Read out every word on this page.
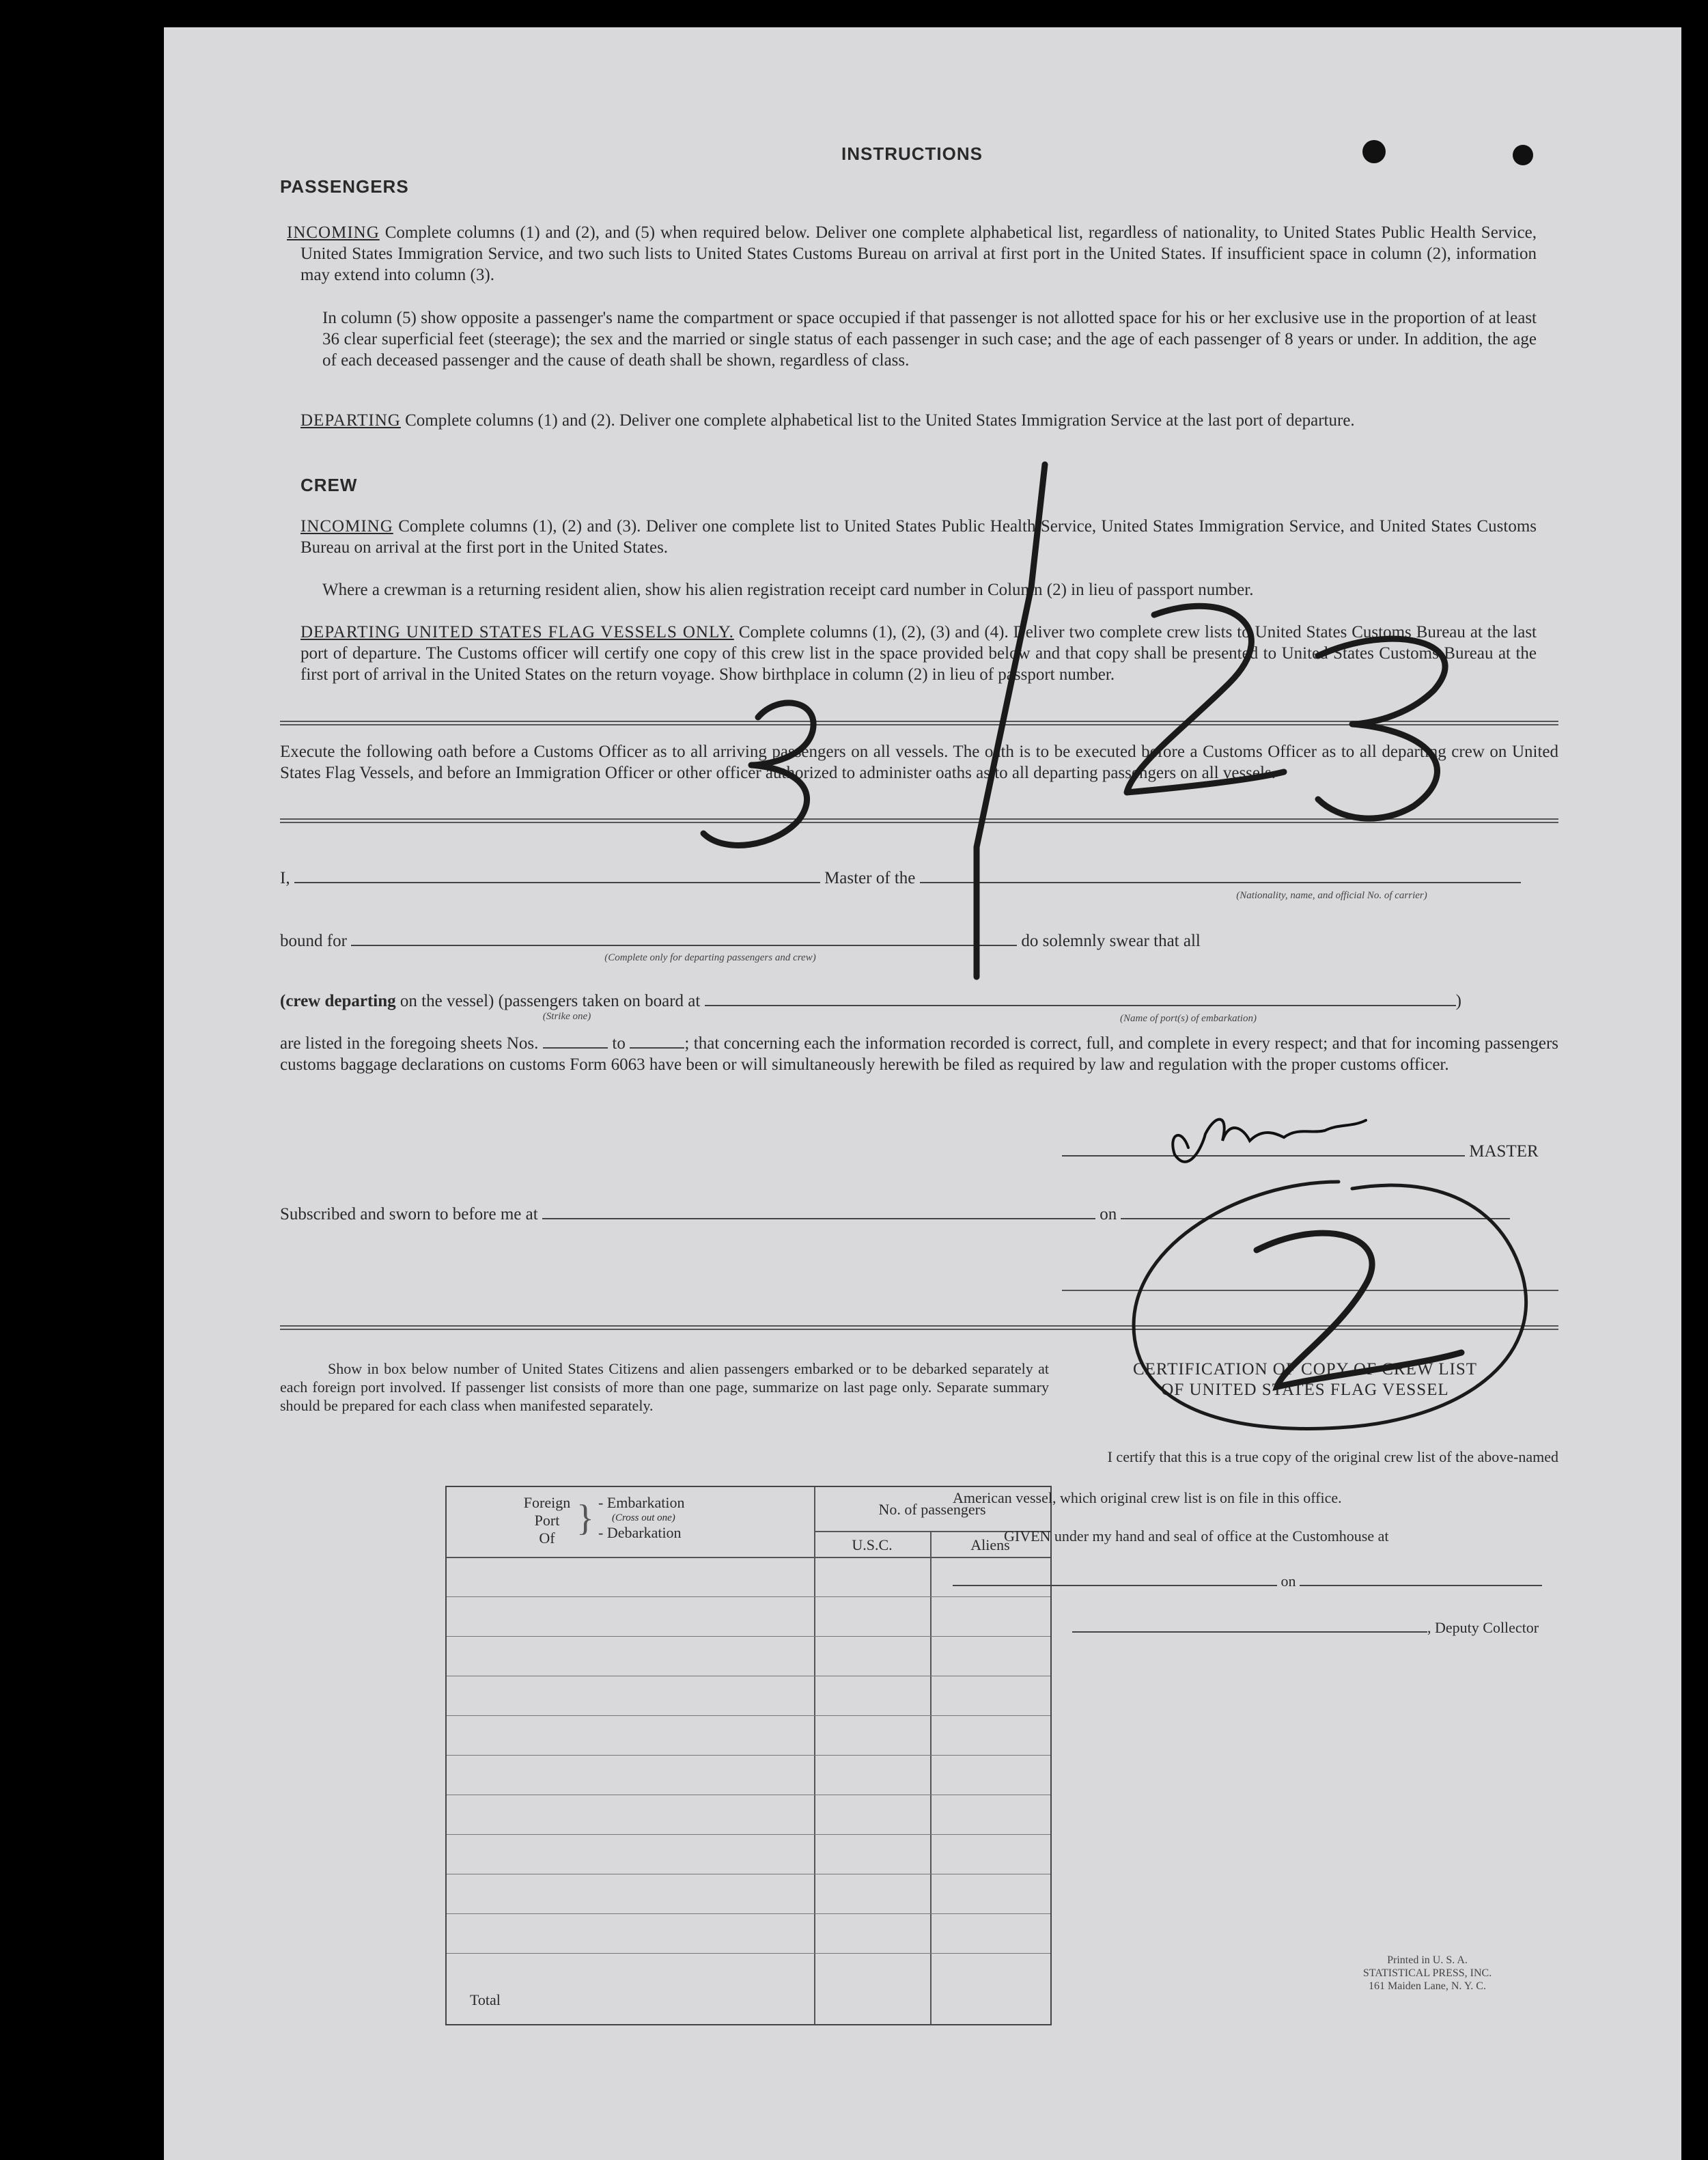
INSTRUCTIONS
PASSENGERS
INCOMING Complete columns (1) and (2), and (5) when required below. Deliver one complete alphabetical list, regardless of nationality, to United States Public Health Service, United States Immigration Service, and two such lists to United States Customs Bureau on arrival at first port in the United States. If insufficient space in column (2), information may extend into column (3).
In column (5) show opposite a passenger's name the compartment or space occupied if that passenger is not allotted space for his or her exclusive use in the proportion of at least 36 clear superficial feet (steerage); the sex and the married or single status of each passenger in such case; and the age of each passenger of 8 years or under. In addition, the age of each deceased passenger and the cause of death shall be shown, regardless of class.
DEPARTING Complete columns (1) and (2). Deliver one complete alphabetical list to the United States Immigration Service at the last port of departure.
CREW
INCOMING Complete columns (1), (2) and (3). Deliver one complete list to United States Public Health Service, United States Immigration Service, and United States Customs Bureau on arrival at the first port in the United States.
Where a crewman is a returning resident alien, show his alien registration receipt card number in Column (2) in lieu of passport number.
DEPARTING UNITED STATES FLAG VESSELS ONLY. Complete columns (1), (2), (3) and (4). Deliver two complete crew lists to United States Customs Bureau at the last port of departure. The Customs officer will certify one copy of this crew list in the space provided below and that copy shall be presented to United States Customs Bureau at the first port of arrival in the United States on the return voyage. Show birthplace in column (2) in lieu of passport number.
Execute the following oath before a Customs Officer as to all arriving passengers on all vessels. The oath is to be executed before a Customs Officer as to all departing crew on United States Flag Vessels, and before an Immigration Officer or other officer authorized to administer oaths as to all departing passengers on all vessels.
I,	Master of the
(Nationality, name, and official No. of carrier)
bound for	do solemnly swear that all
(Complete only for departing passengers and crew)
(crew departing on the vessel) (passengers taken on board at	)
(Strike one)	(Name of port(s) of embarkation)
are listed in the foregoing sheets Nos.	to	; that concerning each the information recorded is correct, full, and complete in every respect; and that for incoming passengers customs baggage declarations on customs Form 6063 have been or will simultaneously herewith be filed as required by law and regulation with the proper customs officer.
MASTER
Subscribed and sworn to before me at	on
Show in box below number of United States Citizens and alien passengers embarked or to be debarked separately at each foreign port involved. If passenger list consists of more than one page, summarize on last page only. Separate summary should be prepared for each class when manifested separately.
Foreign
Port
Of } - Embarkation
(Cross out one)
- Debarkation
No. of passengers
U.S.C.	Aliens
Total
CERTIFICATION OF COPY OF CREW LIST
OF UNITED STATES FLAG VESSEL
I certify that this is a true copy of the original crew list of the above-named
American vessel, which original crew list is on file in this office.
GIVEN under my hand and seal of office at the Customhouse at
on
, Deputy Collector
Printed in U. S. A.
STATISTICAL PRESS, INC.
161 Maiden Lane, N. Y. C.
